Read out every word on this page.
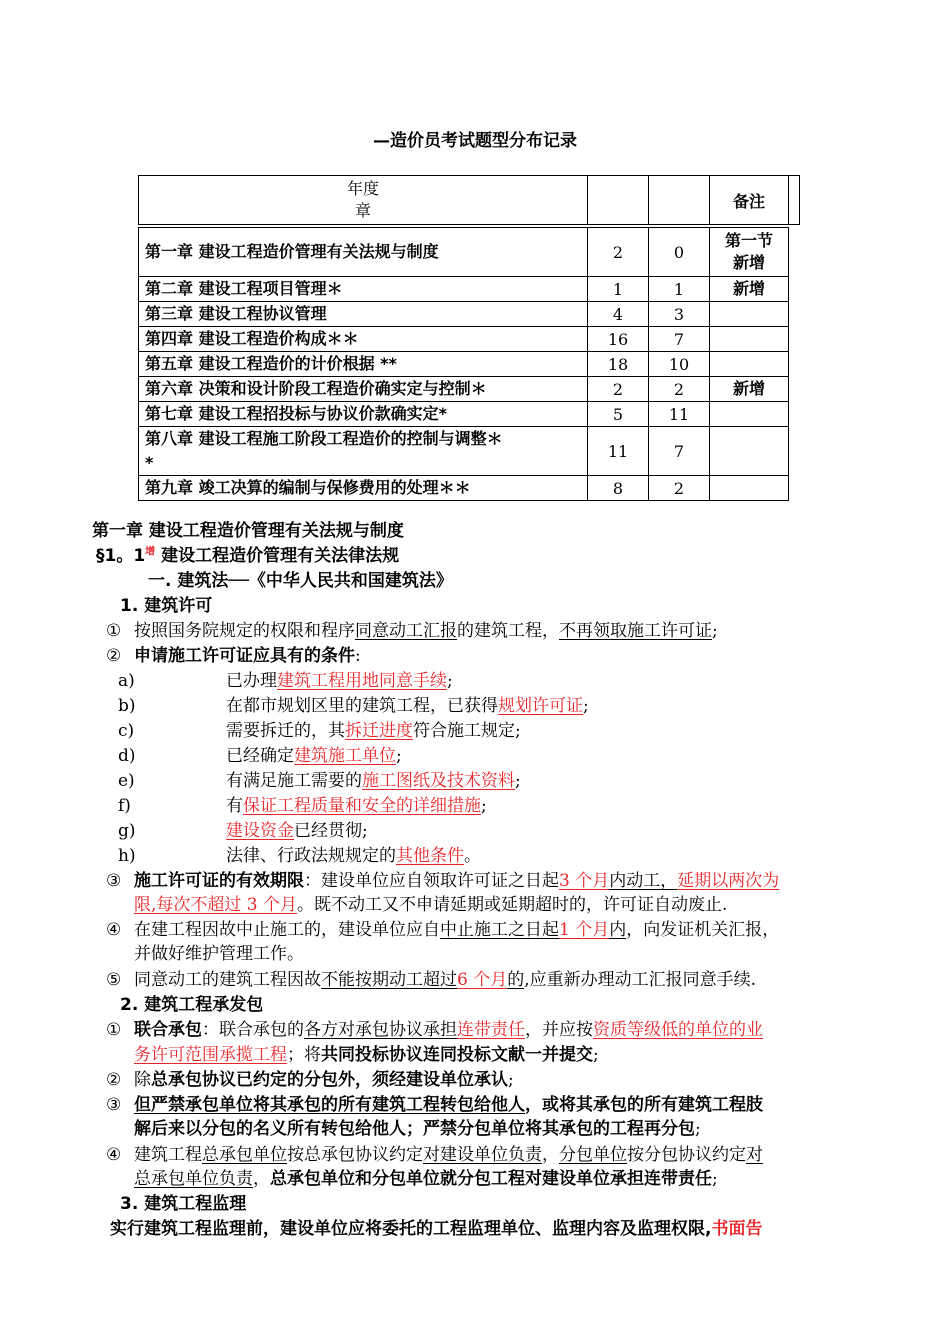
—造价员考试题型分布记录
年度
章			备注	
第一章 建设工程造价管理有关法规与制度	2	0	第一节
新增
第二章 建设工程项目管理＊	1	1	新增
第三章 建设工程协议管理	4	3	
第四章 建设工程造价构成＊＊	16	7	
第五章 建设工程造价的计价根据 **	18	10	
第六章 决策和设计阶段工程造价确实定与控制＊	2	2	新增
第七章 建设工程招投标与协议价款确实定*	5	11	
第八章 建设工程施工阶段工程造价的控制与调整＊
*	11	7	
第九章 竣工决算的编制与保修费用的处理＊＊	8	2	
第一章 建设工程造价管理有关法规与制度
§1。$1^增$ 建设工程造价管理有关法律法规
一. 建筑法──《中华人民共和国建筑法》
1. 建筑许可
① 按照国务院规定的权限和程序同意动工汇报的建筑工程，不再领取施工许可证;
② 申请施工许可证应具有的条件:
a)	已办理建筑工程用地同意手续;
b)	在都市规划区里的建筑工程，已获得规划许可证;
c)	需要拆迁的，其拆迁进度符合施工规定;
d)	已经确定建筑施工单位;
e)	有满足施工需要的施工图纸及技术资料;
f)	有保证工程质量和安全的详细措施;
g)	建设资金已经贯彻;
h)	法律、行政法规规定的其他条件。
③ 施工许可证的有效期限：建设单位应自领取许可证之日起3 个月内动工，延期以两次为
限,每次不超过 3 个月。既不动工又不申请延期或延期超时的，许可证自动废止.
④ 在建工程因故中止施工的，建设单位应自中止施工之日起1 个月内，向发证机关汇报，
并做好维护管理工作。
⑤ 同意动工的建筑工程因故不能按期动工超过6 个月的,应重新办理动工汇报同意手续.
2. 建筑工程承发包
① 联合承包：联合承包的各方对承包协议承担连带责任，并应按资质等级低的单位的业
务许可范围承揽工程；将共同投标协议连同投标文献一并提交;
② 除总承包协议已约定的分包外，须经建设单位承认;
③ 但严禁承包单位将其承包的所有建筑工程转包给他人，或将其承包的所有建筑工程肢
解后来以分包的名义所有转包给他人；严禁分包单位将其承包的工程再分包;
④ 建筑工程总承包单位按总承包协议约定对建设单位负责，分包单位按分包协议约定对
总承包单位负责，总承包单位和分包单位就分包工程对建设单位承担连带责任;
3. 建筑工程监理
实行建筑工程监理前，建设单位应将委托的工程监理单位、监理内容及监理权限,书面告
